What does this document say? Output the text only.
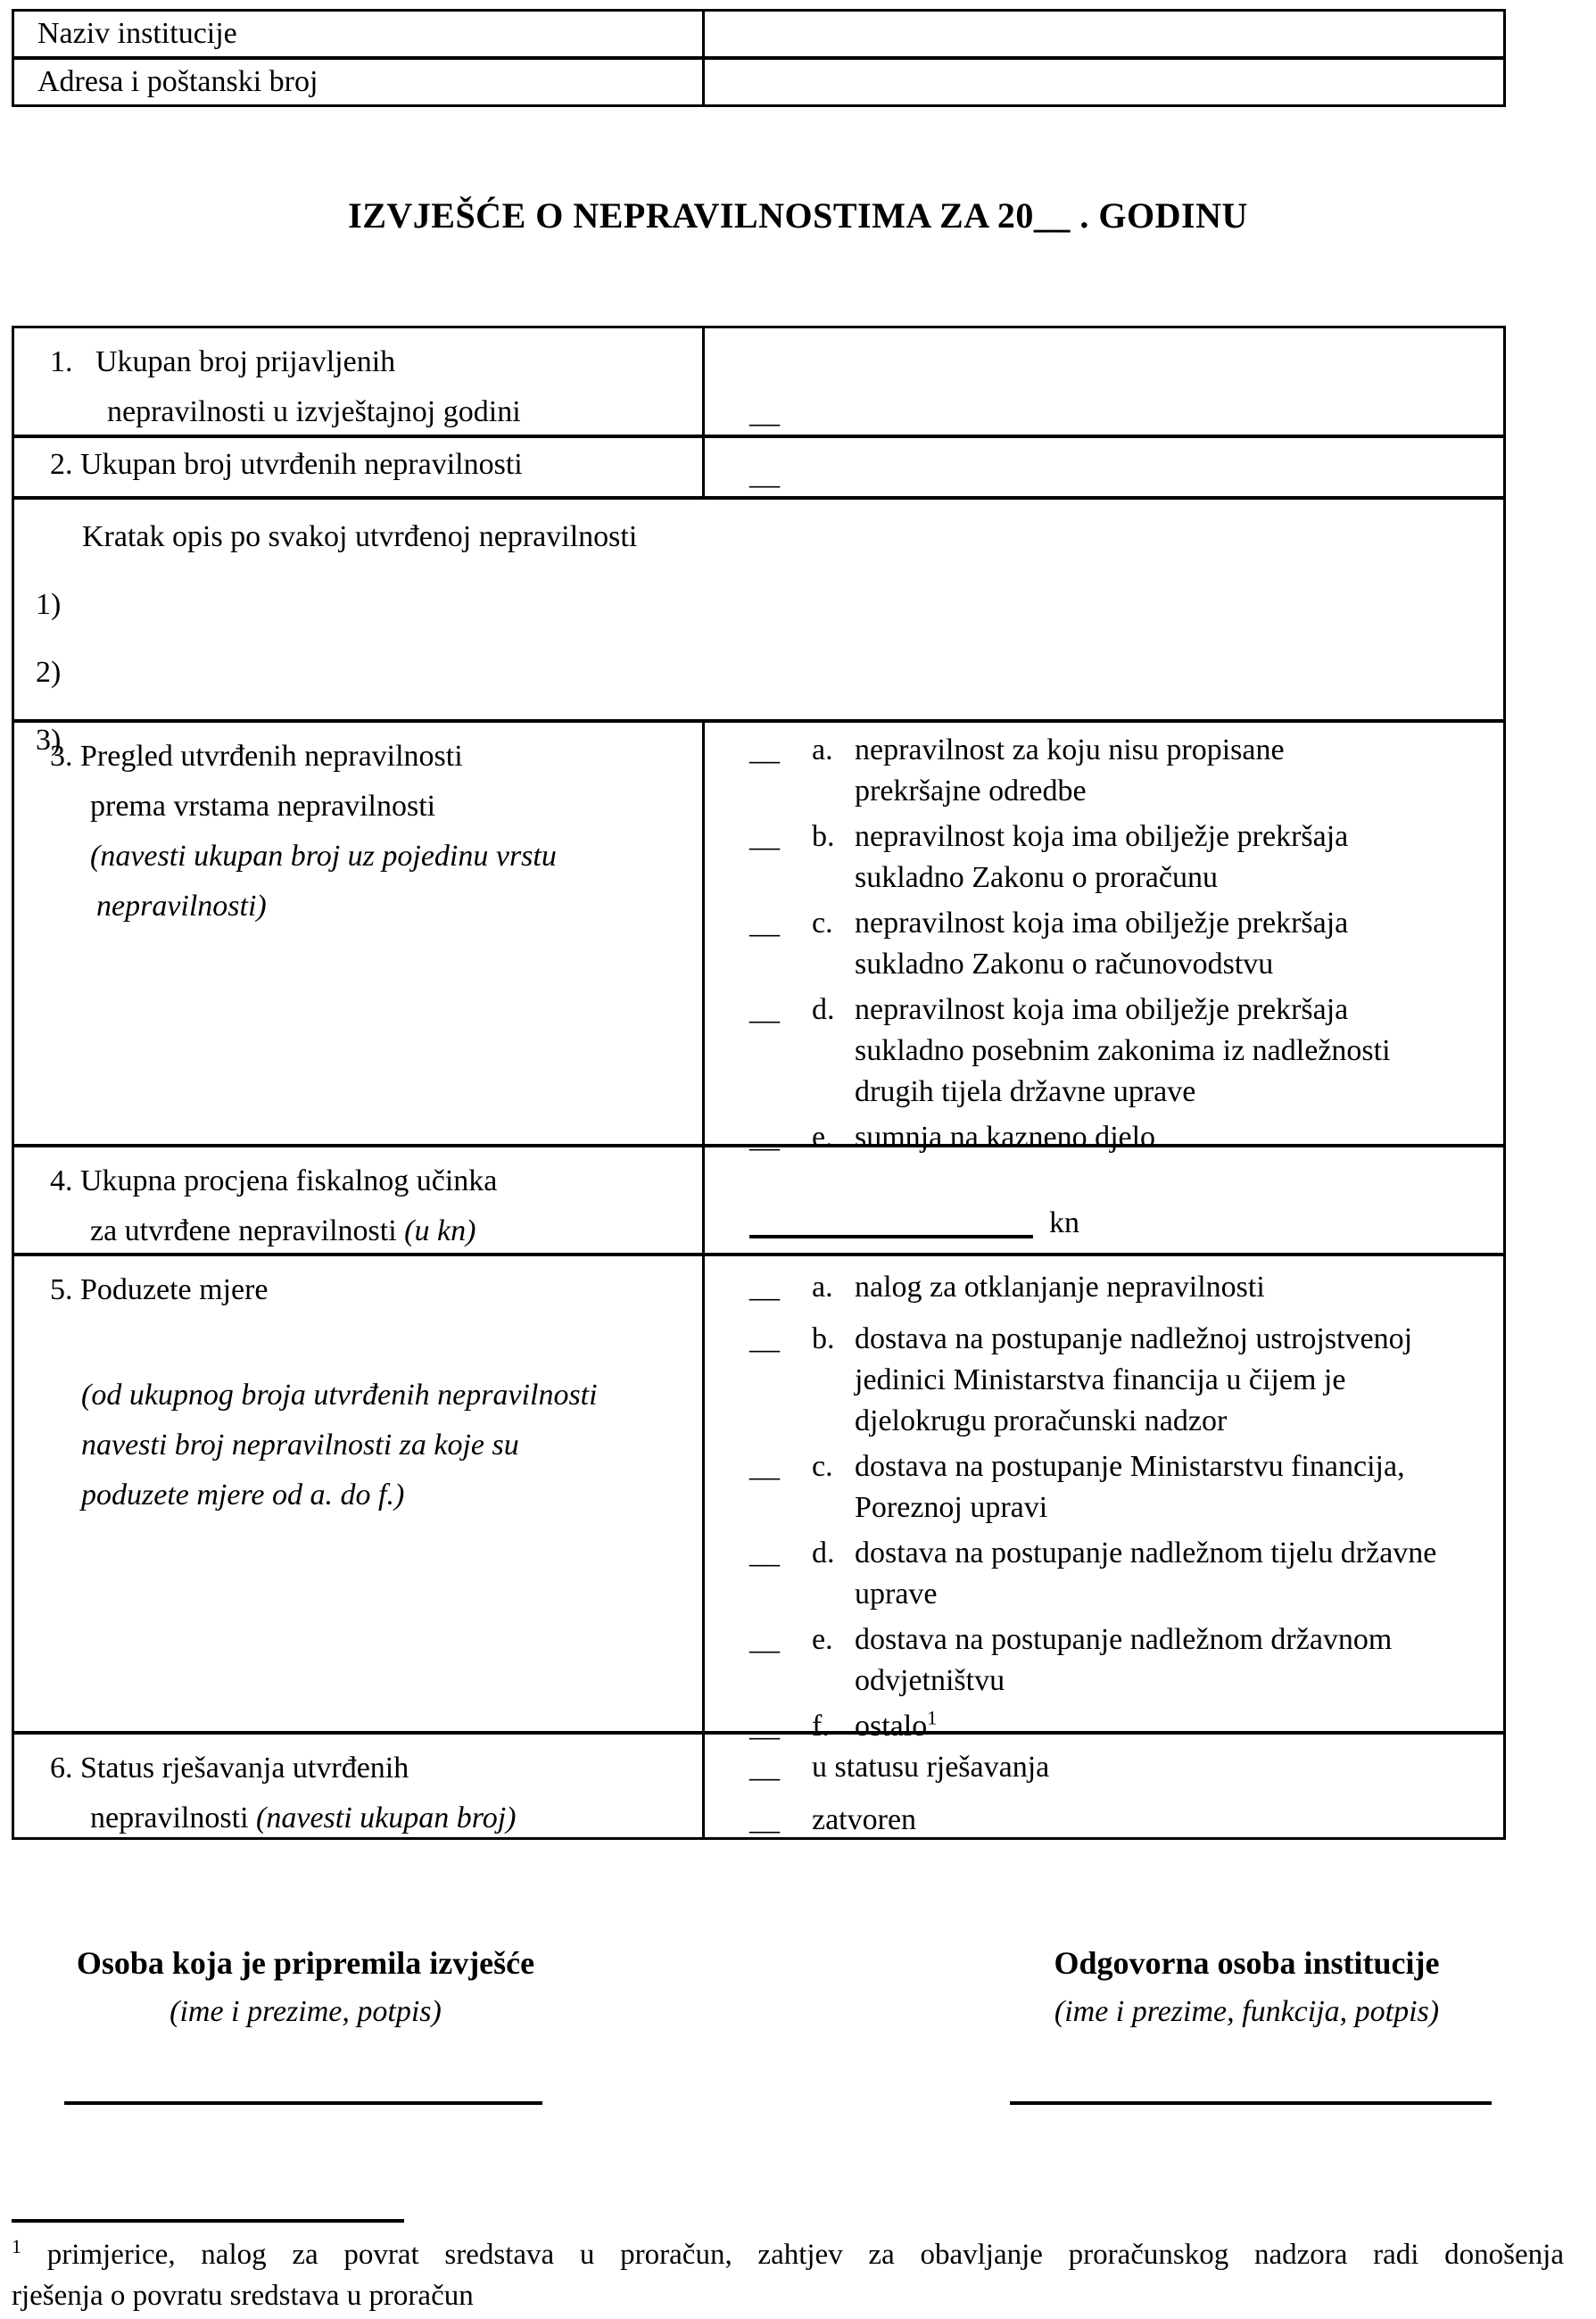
Naziv institucije
Adresa i poštanski broj
IZVJEŠĆE O NEPRAVILNOSTIMA ZA 20__ . GODINU
1.   Ukupan broj prijavljenih
nepravilnosti u izvještajnoj godini	__
2. Ukupan broj utvrđenih nepravilnosti	__
Kratak opis po svakoj utvrđenoj nepravilnosti
1)
2)
3)
3. Pregled utvrđenih nepravilnosti
prema vrstama nepravilnosti
(navesti ukupan broj uz pojedinu vrstu
nepravilnosti)
__	a. nepravilnost za koju nisu propisane
prekršajne odredbe
__	b. nepravilnost koja ima obilježje prekršaja
sukladno Zakonu o proračunu
__	c. nepravilnost koja ima obilježje prekršaja
sukladno Zakonu o računovodstvu
__	d. nepravilnost koja ima obilježje prekršaja
sukladno posebnim zakonima iz nadležnosti
drugih tijela državne uprave
__	e. sumnja na kazneno djelo
4. Ukupna procjena fiskalnog učinka
za utvrđene nepravilnosti (u kn)	kn
5. Poduzete mjere
(od ukupnog broja utvrđenih nepravilnosti
navesti broj nepravilnosti za koje su
poduzete mjere od a. do f.)
__	a. nalog za otklanjanje nepravilnosti
__	b. dostava na postupanje nadležnoj ustrojstvenoj
jedinici Ministarstva financija u čijem je
djelokrugu proračunski nadzor
__	c. dostava na postupanje Ministarstvu financija,
Poreznoj upravi
__	d. dostava na postupanje nadležnom tijelu državne
uprave
__	e. dostava na postupanje nadležnom državnom
odvjetništvu
__	f. ostalo$^1$
6. Status rješavanja utvrđenih
nepravilnosti (navesti ukupan broj)
__	u statusu rješavanja
__	zatvoren
Osoba koja je pripremila izvješće
(ime i prezime, potpis)
Odgovorna osoba institucije
(ime i prezime, funkcija, potpis)
$^1$ primjerice, nalog za povrat sredstava u proračun, zahtjev za obavljanje proračunskog nadzora radi donošenja
rješenja o povratu sredstava u proračun
